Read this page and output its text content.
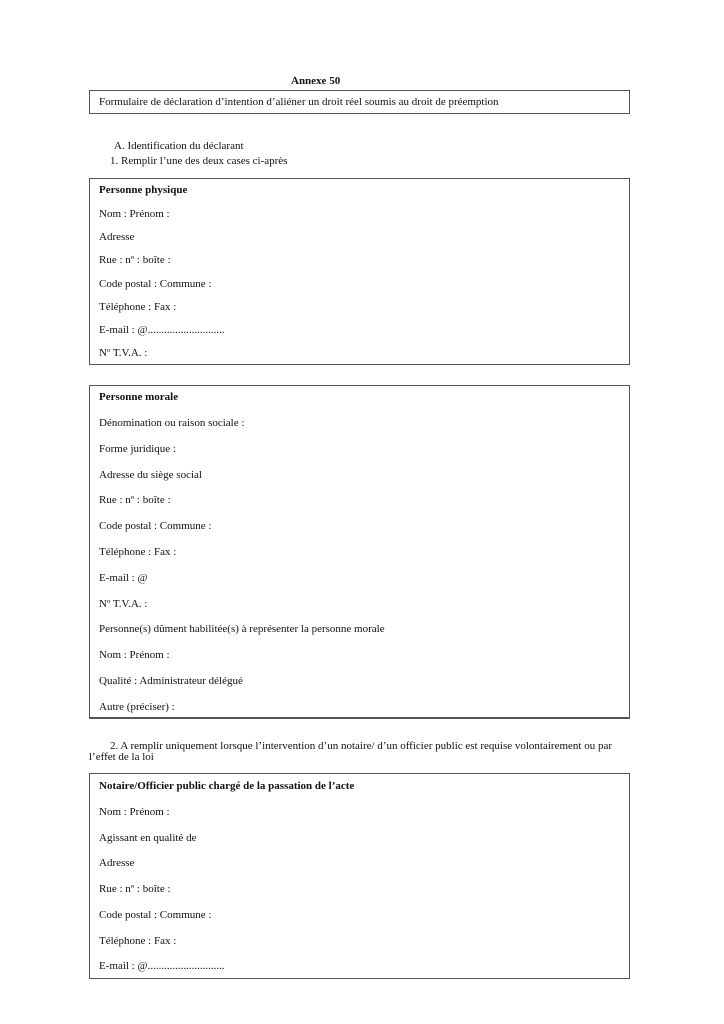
Annexe 50
Formulaire de déclaration d’intention d’aliéner un droit réel soumis au droit de préemption
A. Identification du déclarant
1. Remplir l’une des deux cases ci-après
Personne physique
Nom : Prénom :
Adresse
Rue : nº : boîte :
Code postal : Commune :
Téléphone : Fax :
E-mail : @............................
Nº T.V.A. :
Personne morale
Dénomination ou raison sociale :
Forme juridique :
Adresse du siège social
Rue : nº : boîte :
Code postal : Commune :
Téléphone : Fax :
E-mail : @
Nº T.V.A. :
Personne(s) dûment habilitée(s) à représenter la personne morale
Nom : Prénom :
Qualité : Administrateur délégué
Autre (préciser) :
2. A remplir uniquement lorsque l’intervention d’un notaire/ d’un officier public est requise volontairement ou par
l’effet de la loi
Notaire/Officier public chargé de la passation de l’acte
Nom : Prénom :
Agissant en qualité de
Adresse
Rue : nº : boîte :
Code postal : Commune :
Téléphone : Fax :
E-mail : @............................
